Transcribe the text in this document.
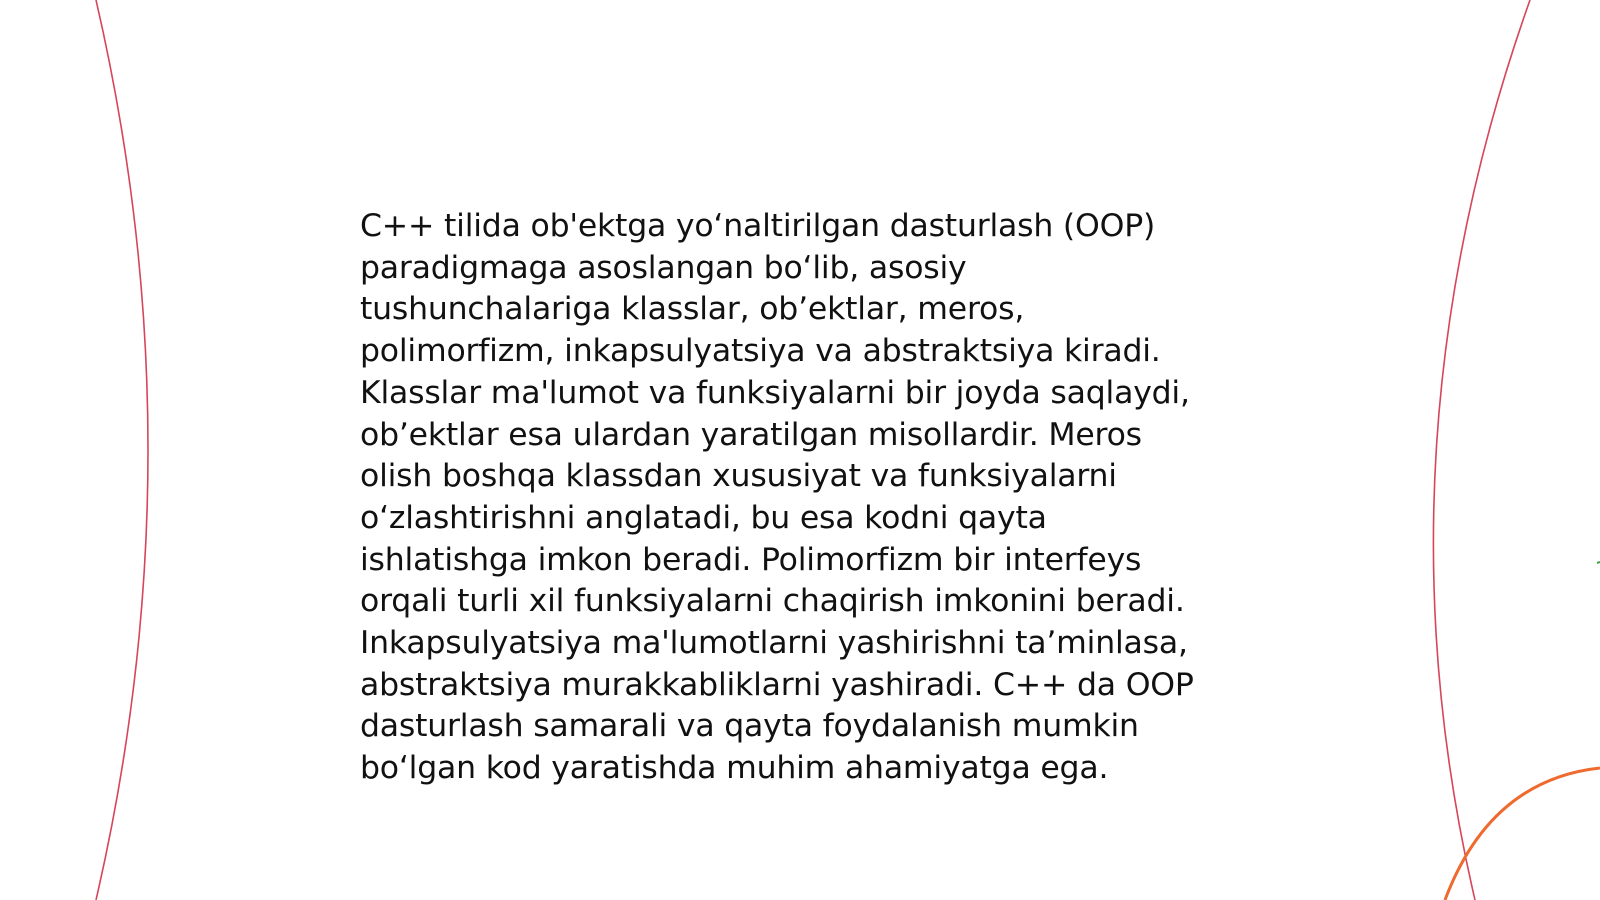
C++ tilida ob'ektga yo‘naltirilgan dasturlash (OOP)
paradigmaga asoslangan bo‘lib, asosiy
tushunchalariga klasslar, ob’ektlar, meros,
polimorfizm, inkapsulyatsiya va abstraktsiya kiradi.
Klasslar ma'lumot va funksiyalarni bir joyda saqlaydi,
ob’ektlar esa ulardan yaratilgan misollardir. Meros
olish boshqa klassdan xususiyat va funksiyalarni
o‘zlashtirishni anglatadi, bu esa kodni qayta
ishlatishga imkon beradi. Polimorfizm bir interfeys
orqali turli xil funksiyalarni chaqirish imkonini beradi.
Inkapsulyatsiya ma'lumotlarni yashirishni ta’minlasa,
abstraktsiya murakkabliklarni yashiradi. C++ da OOP
dasturlash samarali va qayta foydalanish mumkin
bo‘lgan kod yaratishda muhim ahamiyatga ega.
